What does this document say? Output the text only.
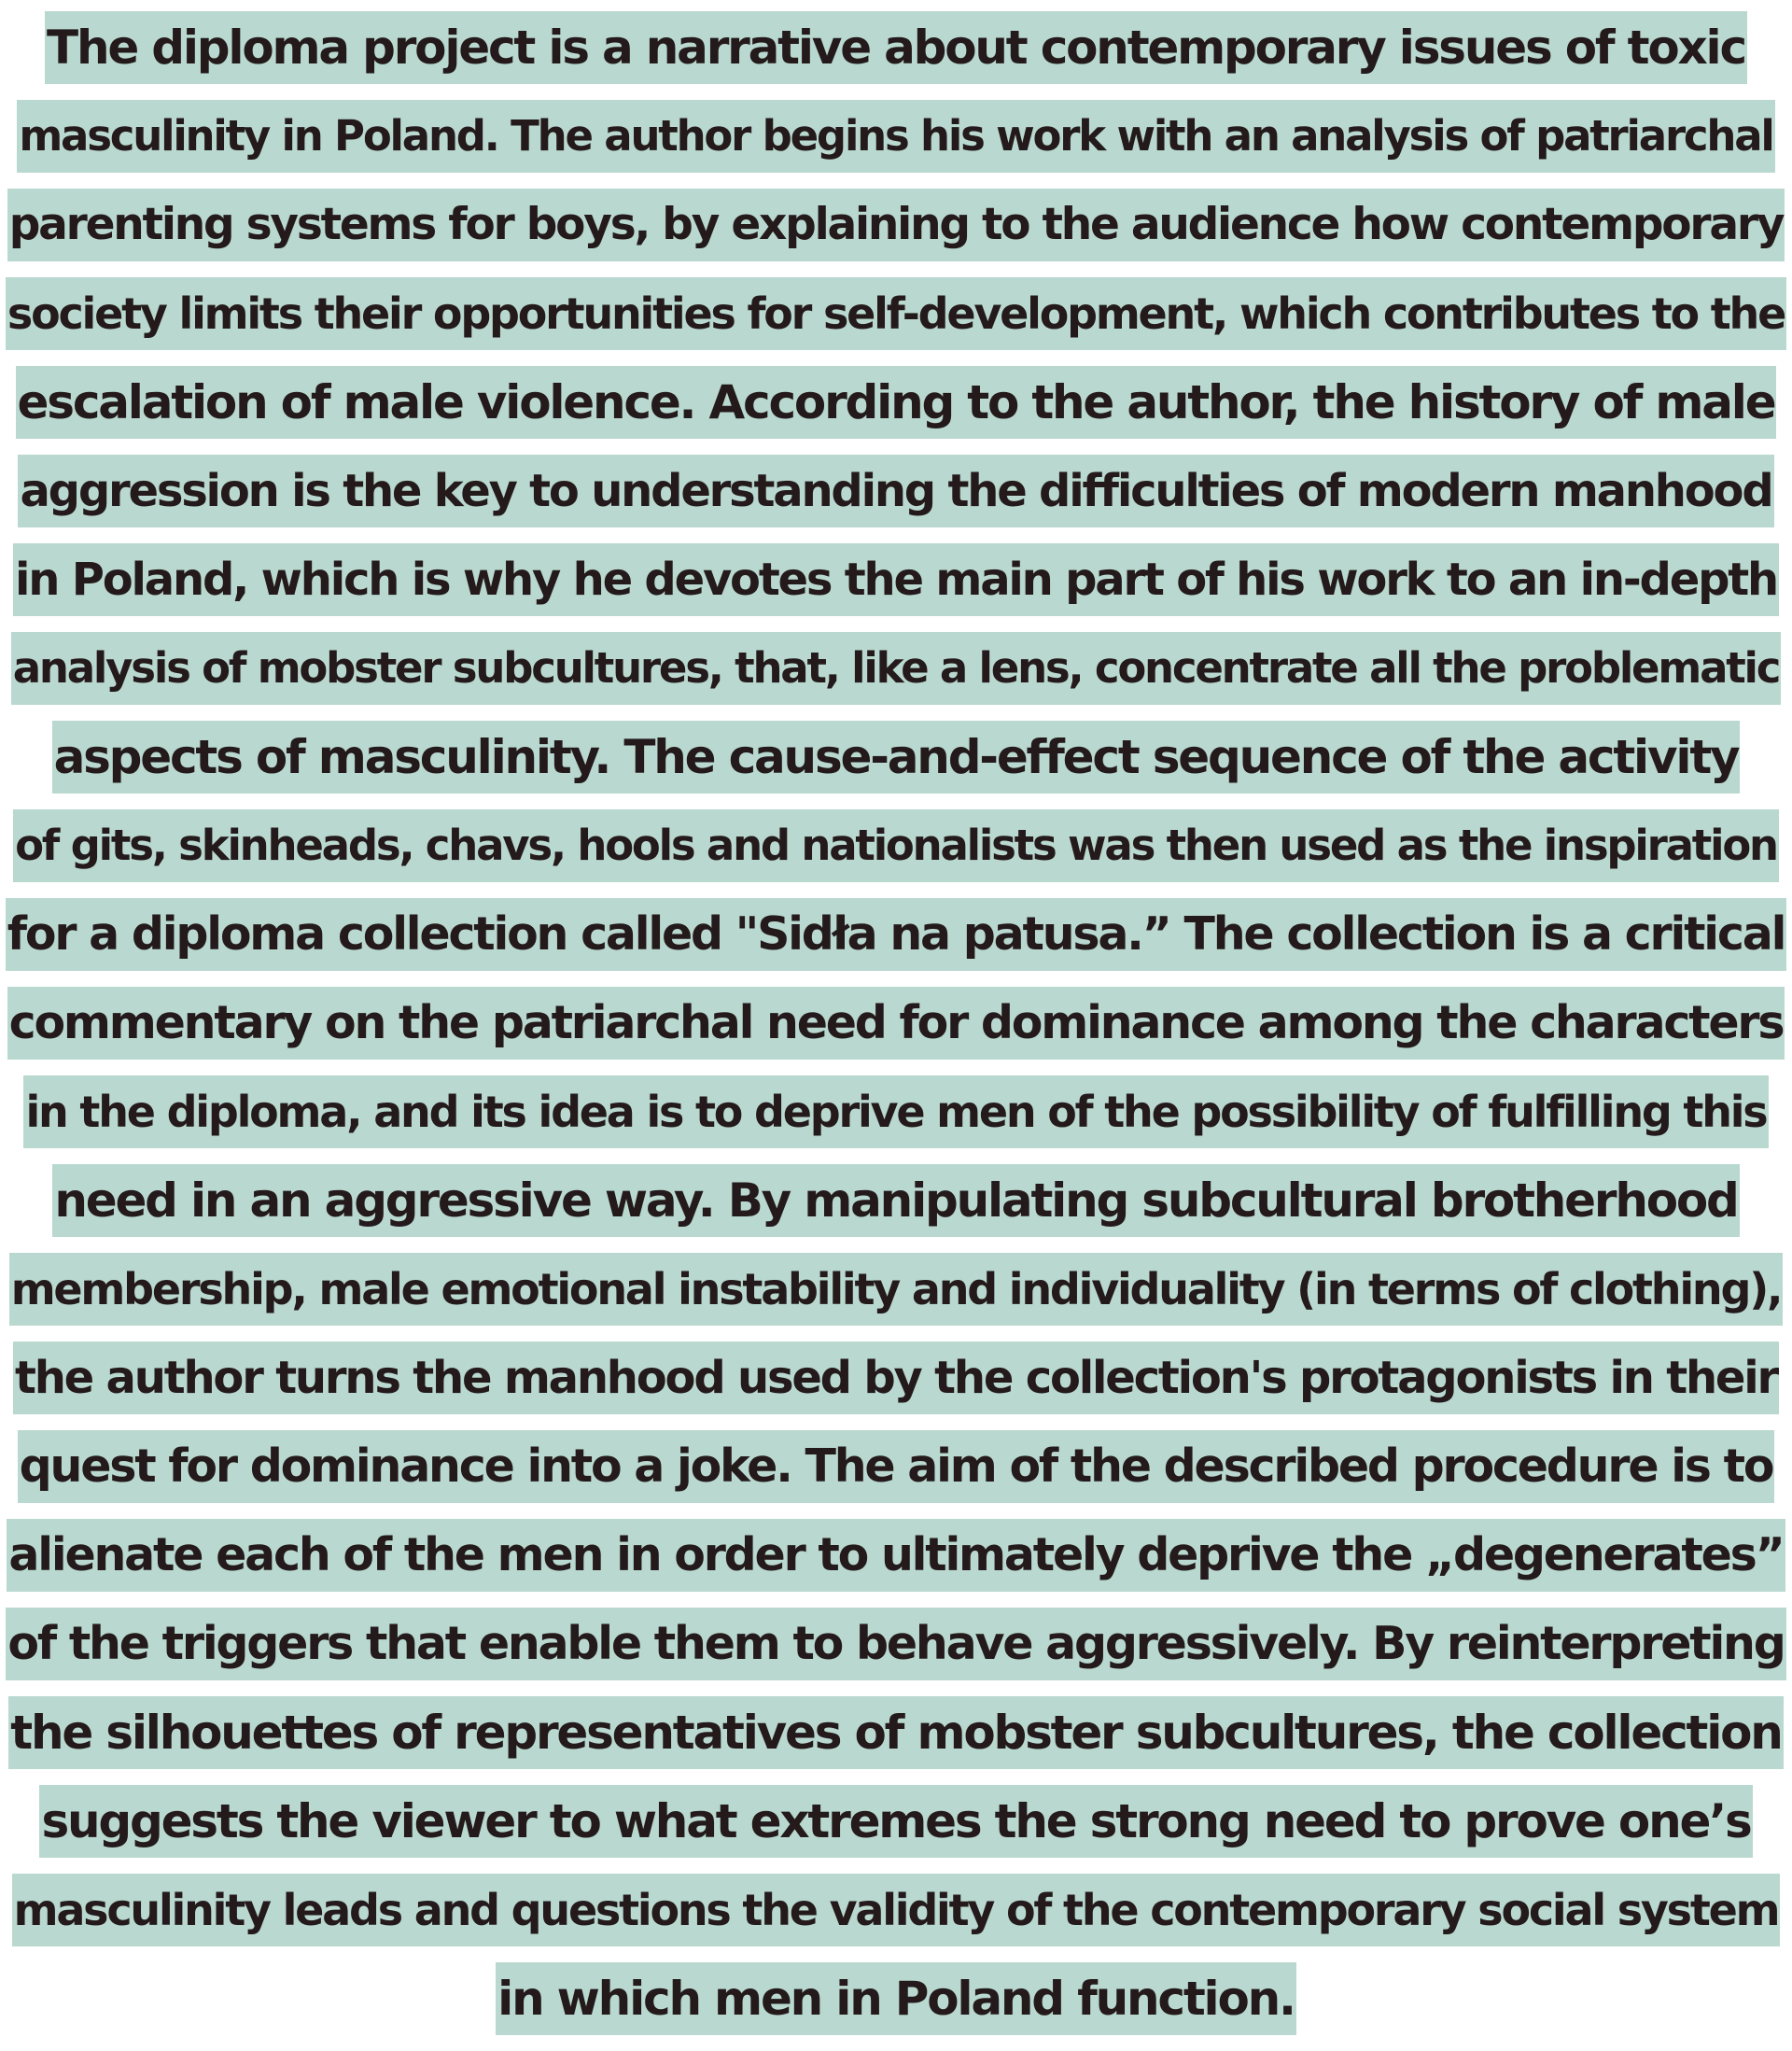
The diploma project is a narrative about contemporary issues of toxic
masculinity in Poland. The author begins his work with an analysis of patriarchal
parenting systems for boys, by explaining to the audience how contemporary
society limits their opportunities for self-development, which contributes to the
escalation of male violence. According to the author, the history of male
aggression is the key to understanding the difficulties of modern manhood
in Poland, which is why he devotes the main part of his work to an in-depth
analysis of mobster subcultures, that, like a lens, concentrate all the problematic
aspects of masculinity. The cause-and-effect sequence of the activity
of gits, skinheads, chavs, hools and nationalists was then used as the inspiration
for a diploma collection called "Sidła na patusa.” The collection is a critical
commentary on the patriarchal need for dominance among the characters
in the diploma, and its idea is to deprive men of the possibility of fulfilling this
need in an aggressive way. By manipulating subcultural brotherhood
membership, male emotional instability and individuality (in terms of clothing),
the author turns the manhood used by the collection's protagonists in their
quest for dominance into a joke. The aim of the described procedure is to
alienate each of the men in order to ultimately deprive the „degenerates”
of the triggers that enable them to behave aggressively. By reinterpreting
the silhouettes of representatives of mobster subcultures, the collection
suggests the viewer to what extremes the strong need to prove one’s
masculinity leads and questions the validity of the contemporary social system
in which men in Poland function.
